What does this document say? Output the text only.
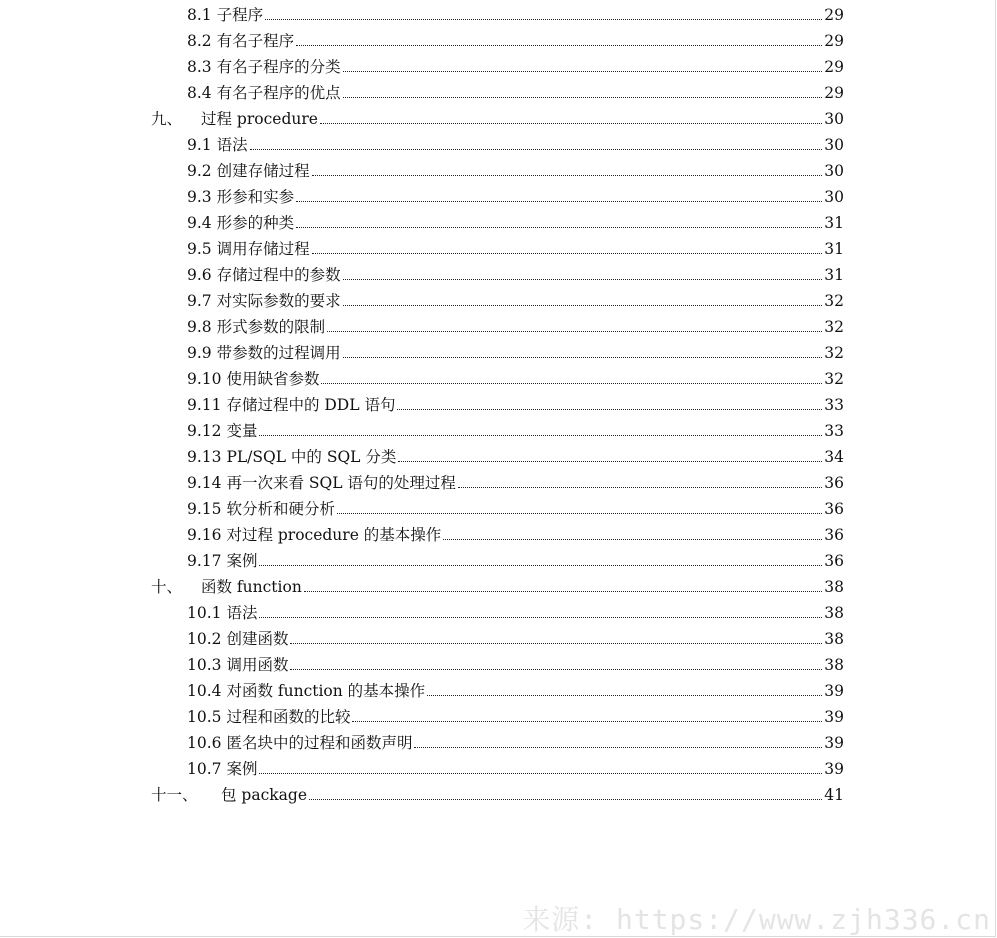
8.1 子程序	29
8.2 有名子程序	29
8.3 有名子程序的分类	29
8.4 有名子程序的优点	29
九、 过程 procedure	30
9.1 语法	30
9.2 创建存储过程	30
9.3 形参和实参	30
9.4 形参的种类	31
9.5 调用存储过程	31
9.6 存储过程中的参数	31
9.7 对实际参数的要求	32
9.8 形式参数的限制	32
9.9 带参数的过程调用	32
9.10 使用缺省参数	32
9.11 存储过程中的 DDL 语句	33
9.12 变量	33
9.13 PL/SQL 中的 SQL 分类	34
9.14 再一次来看 SQL 语句的处理过程	36
9.15 软分析和硬分析	36
9.16 对过程 procedure 的基本操作	36
9.17 案例	36
十、 函数 function	38
10.1 语法	38
10.2 创建函数	38
10.3 调用函数	38
10.4 对函数 function 的基本操作	39
10.5 过程和函数的比较	39
10.6 匿名块中的过程和函数声明	39
10.7 案例	39
十一、 包 package	41
来源: https://www.zjh336.cn
